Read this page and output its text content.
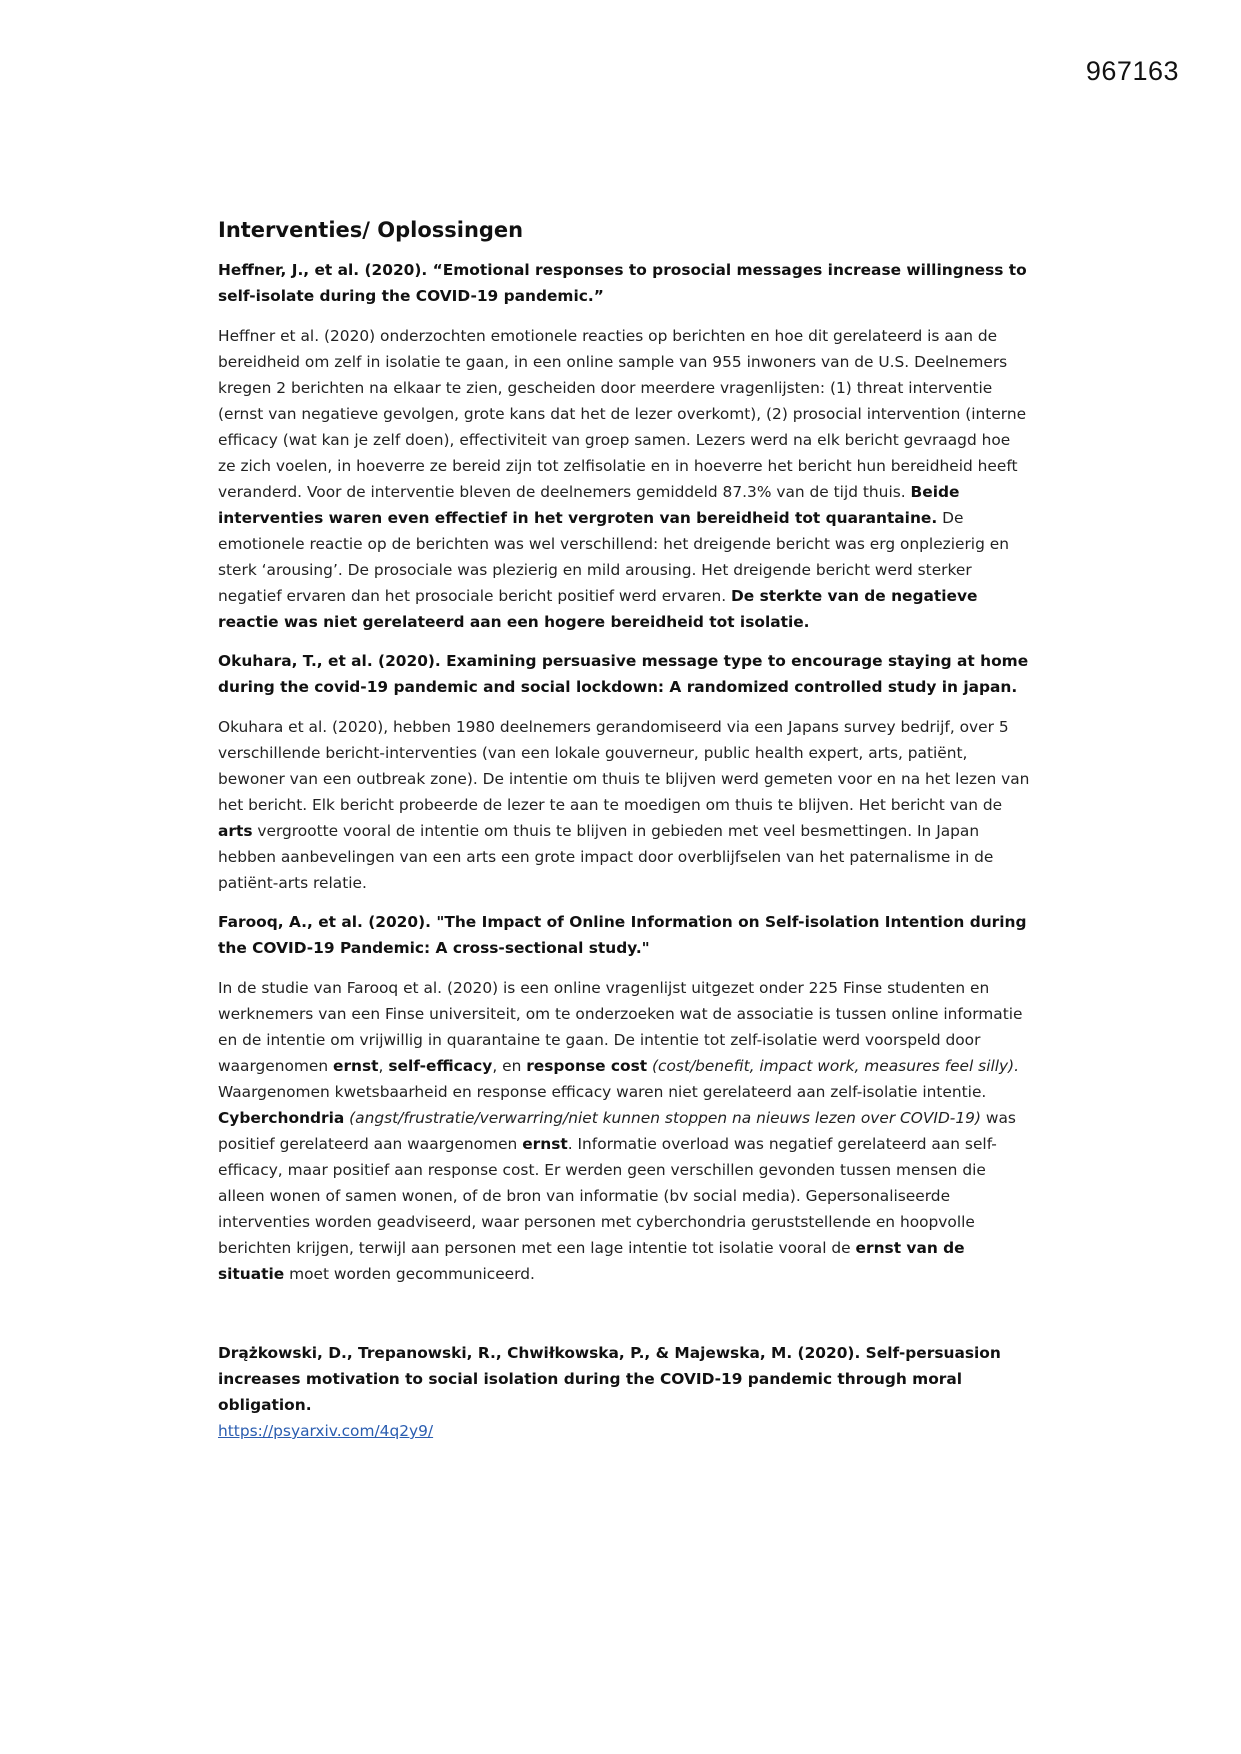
967163
Interventies/ Oplossingen

Heffner, J., et al. (2020). “Emotional responses to prosocial messages increase willingness to self-isolate during the COVID-19 pandemic.”

Heffner et al. (2020) onderzochten emotionele reacties op berichten en hoe dit gerelateerd is aan de bereidheid om zelf in isolatie te gaan, in een online sample van 955 inwoners van de U.S. Deelnemers kregen 2 berichten na elkaar te zien, gescheiden door meerdere vragenlijsten: (1) threat interventie (ernst van negatieve gevolgen, grote kans dat het de lezer overkomt), (2) prosocial intervention (interne efficacy (wat kan je zelf doen), effectiviteit van groep samen. Lezers werd na elk bericht gevraagd hoe ze zich voelen, in hoeverre ze bereid zijn tot zelfisolatie en in hoeverre het bericht hun bereidheid heeft veranderd. Voor de interventie bleven de deelnemers gemiddeld 87.3% van de tijd thuis. Beide interventies waren even effectief in het vergroten van bereidheid tot quarantaine. De emotionele reactie op de berichten was wel verschillend: het dreigende bericht was erg onplezierig en sterk ‘arousing’. De prosociale was plezierig en mild arousing. Het dreigende bericht werd sterker negatief ervaren dan het prosociale bericht positief werd ervaren. De sterkte van de negatieve reactie was niet gerelateerd aan een hogere bereidheid tot isolatie.

Okuhara, T., et al. (2020). Examining persuasive message type to encourage staying at home during the covid-19 pandemic and social lockdown: A randomized controlled study in japan.

Okuhara et al. (2020), hebben 1980 deelnemers gerandomiseerd via een Japans survey bedrijf, over 5 verschillende bericht-interventies (van een lokale gouverneur, public health expert, arts, patiënt, bewoner van een outbreak zone). De intentie om thuis te blijven werd gemeten voor en na het lezen van het bericht. Elk bericht probeerde de lezer te aan te moedigen om thuis te blijven. Het bericht van de arts vergrootte vooral de intentie om thuis te blijven in gebieden met veel besmettingen. In Japan hebben aanbevelingen van een arts een grote impact door overblijfselen van het paternalisme in de patiënt-arts relatie.

Farooq, A., et al. (2020). "The Impact of Online Information on Self-isolation Intention during the COVID-19 Pandemic: A cross-sectional study."

In de studie van Farooq et al. (2020) is een online vragenlijst uitgezet onder 225 Finse studenten en werknemers van een Finse universiteit, om te onderzoeken wat de associatie is tussen online informatie en de intentie om vrijwillig in quarantaine te gaan. De intentie tot zelf-isolatie werd voorspeld door waargenomen ernst, self-efficacy, en response cost (cost/benefit, impact work, measures feel silly). Waargenomen kwetsbaarheid en response efficacy waren niet gerelateerd aan zelf-isolatie intentie. Cyberchondria (angst/frustratie/verwarring/niet kunnen stoppen na nieuws lezen over COVID-19) was positief gerelateerd aan waargenomen ernst. Informatie overload was negatief gerelateerd aan self-efficacy, maar positief aan response cost. Er werden geen verschillen gevonden tussen mensen die alleen wonen of samen wonen, of de bron van informatie (bv social media). Gepersonaliseerde interventies worden geadviseerd, waar personen met cyberchondria geruststellende en hoopvolle berichten krijgen, terwijl aan personen met een lage intentie tot isolatie vooral de ernst van de situatie moet worden gecommuniceerd.

Drążkowski, D., Trepanowski, R., Chwiłkowska, P., & Majewska, M. (2020). Self-persuasion increases motivation to social isolation during the COVID-19 pandemic through moral obligation.
https://psyarxiv.com/4q2y9/
